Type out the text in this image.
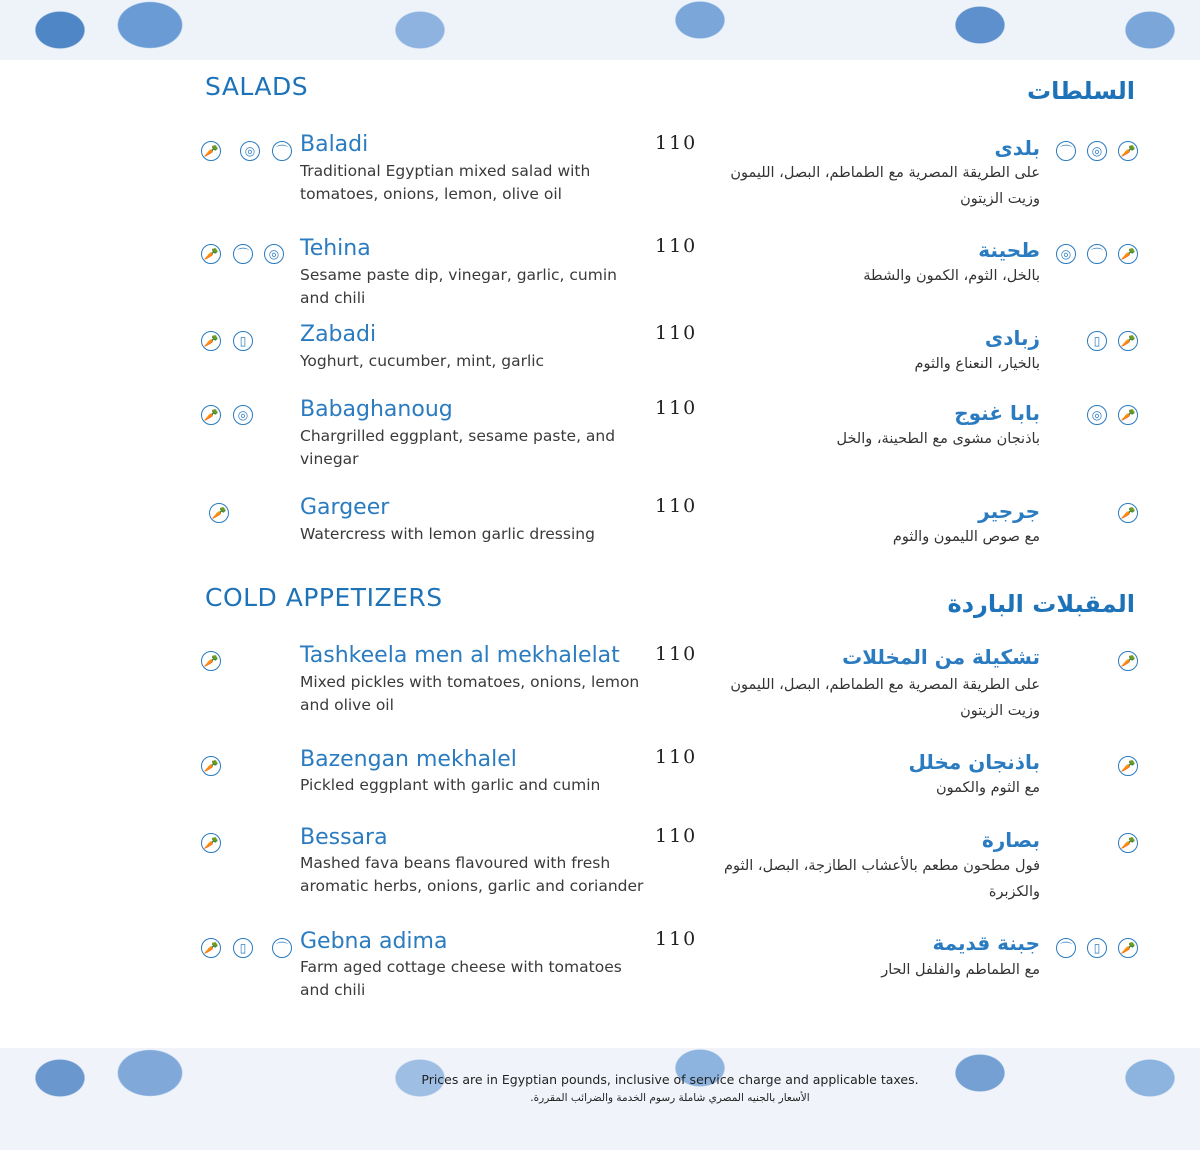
SALADS	السلطات
🥕	◎	⌒ Baladi
Traditional Egyptian mixed salad with tomatoes, onions, lemon, olive oil
110	بلدى
على الطريقة المصرية مع الطماطم، البصل، الليمون وزيت الزيتون
⌒	◎	🥕
🥕	⌒	◎ Tehina
Sesame paste dip, vinegar, garlic, cumin and chili
110	طحينة
بالخل، الثوم، الكمون والشطة
◎	⌒	🥕
🥕	▯	Zabadi
Yoghurt, cucumber, mint, garlic
110	زبادى
بالخيار، النعناع والثوم
▯	🥕
🥕	◎ Babaghanoug
Chargrilled eggplant, sesame paste, and vinegar
110	بابا غنوج
باذنجان مشوى مع الطحينة، والخل
◎	🥕
🥕	Gargeer
Watercress with lemon garlic dressing
110	جرجير
مع صوص الليمون والثوم
🥕
COLD APPETIZERS	المقبلات الباردة
🥕	Tashkeela men al mekhalelat
Mixed pickles with tomatoes, onions, lemon and olive oil
110	تشكيلة من المخللات
على الطريقة المصرية مع الطماطم، البصل، الليمون وزيت الزيتون
🥕
🥕	Bazengan mekhalel
Pickled eggplant with garlic and cumin
110	باذنجان مخلل
مع الثوم والكمون
🥕
🥕	Bessara
Mashed fava beans flavoured with fresh aromatic herbs, onions, garlic and coriander
110	بصارة
فول مطحون مطعم بالأعشاب الطازجة، البصل، الثوم والكزبرة
🥕
🥕	▯	⌒ Gebna adima
Farm aged cottage cheese with tomatoes and chili
110	جبنة قديمة
مع الطماطم والفلفل الحار
⌒	▯	🥕
Prices are in Egyptian pounds, inclusive of service charge and applicable taxes.
الأسعار بالجنيه المصري شاملة رسوم الخدمة والضرائب المقررة.
